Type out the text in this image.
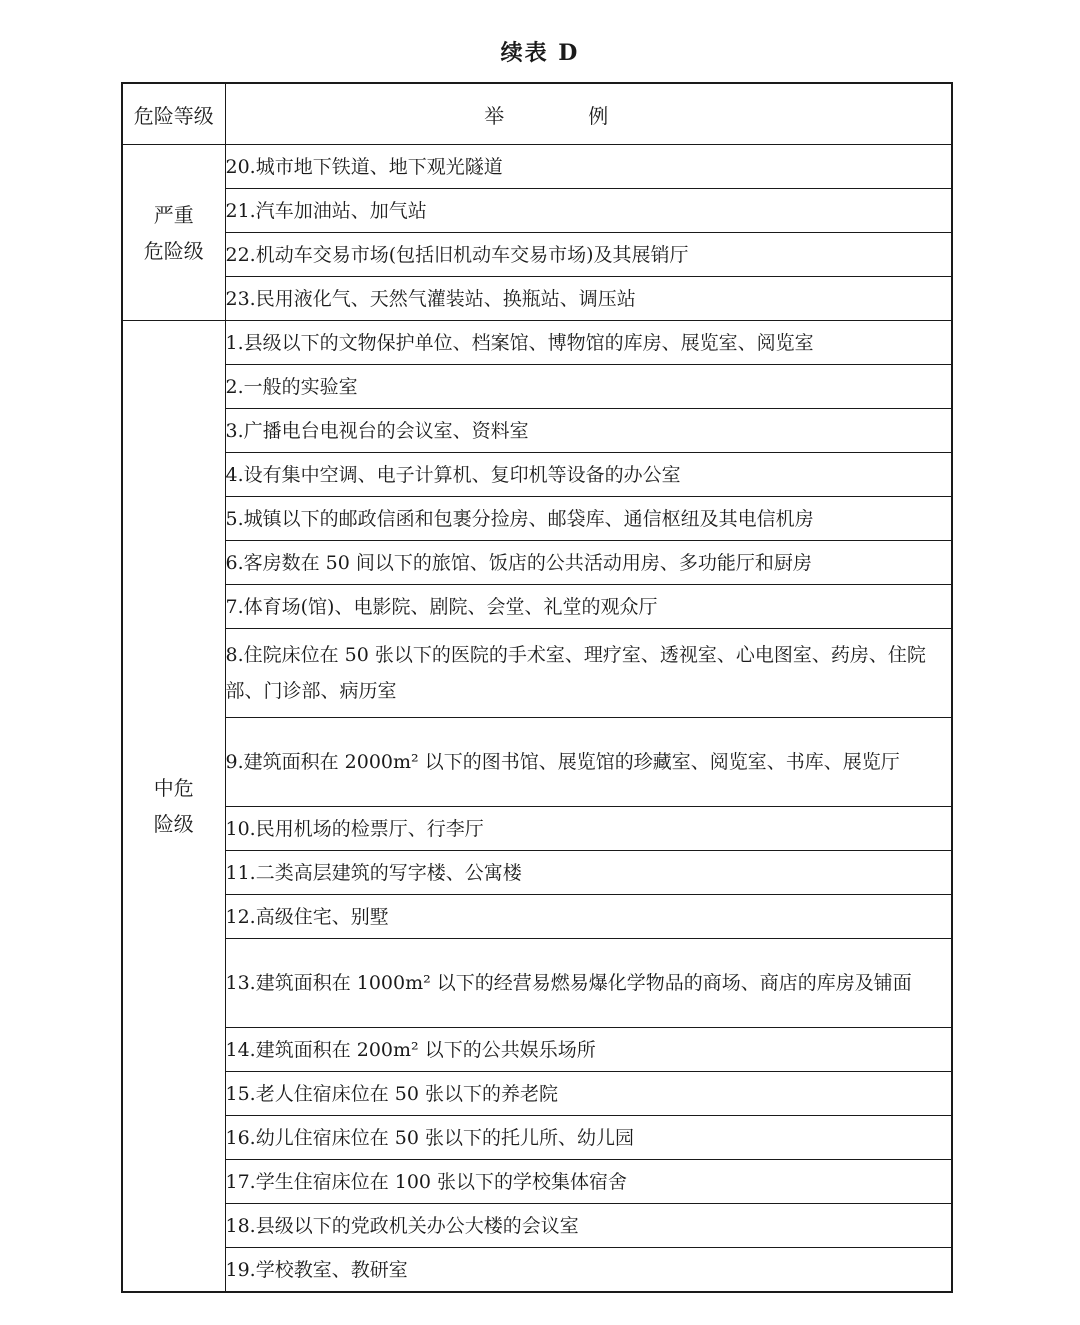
续表 D
危险等级	举例

严重
危险级	20.城市地下铁道、地下观光隧道
	21.汽车加油站、加气站
	22.机动车交易市场(包括旧机动车交易市场)及其展销厅
	23.民用液化气、天然气灌装站、换瓶站、调压站

中危
险级	1.县级以下的文物保护单位、档案馆、博物馆的库房、展览室、阅览室
	2.一般的实验室
	3.广播电台电视台的会议室、资料室
	4.设有集中空调、电子计算机、复印机等设备的办公室
	5.城镇以下的邮政信函和包裹分捡房、邮袋库、通信枢纽及其电信机房
	6.客房数在 50 间以下的旅馆、饭店的公共活动用房、多功能厅和厨房
	7.体育场(馆)、电影院、剧院、会堂、礼堂的观众厅
	8.住院床位在 50 张以下的医院的手术室、理疗室、透视室、心电图室、药房、住院部、门诊部、病历室
	9.建筑面积在 2000m² 以下的图书馆、展览馆的珍藏室、阅览室、书库、展览厅
	10.民用机场的检票厅、行李厅
	11.二类高层建筑的写字楼、公寓楼
	12.高级住宅、别墅
	13.建筑面积在 1000m² 以下的经营易燃易爆化学物品的商场、商店的库房及铺面
	14.建筑面积在 200m² 以下的公共娱乐场所
	15.老人住宿床位在 50 张以下的养老院
	16.幼儿住宿床位在 50 张以下的托儿所、幼儿园
	17.学生住宿床位在 100 张以下的学校集体宿舍
	18.县级以下的党政机关办公大楼的会议室
	19.学校教室、教研室
